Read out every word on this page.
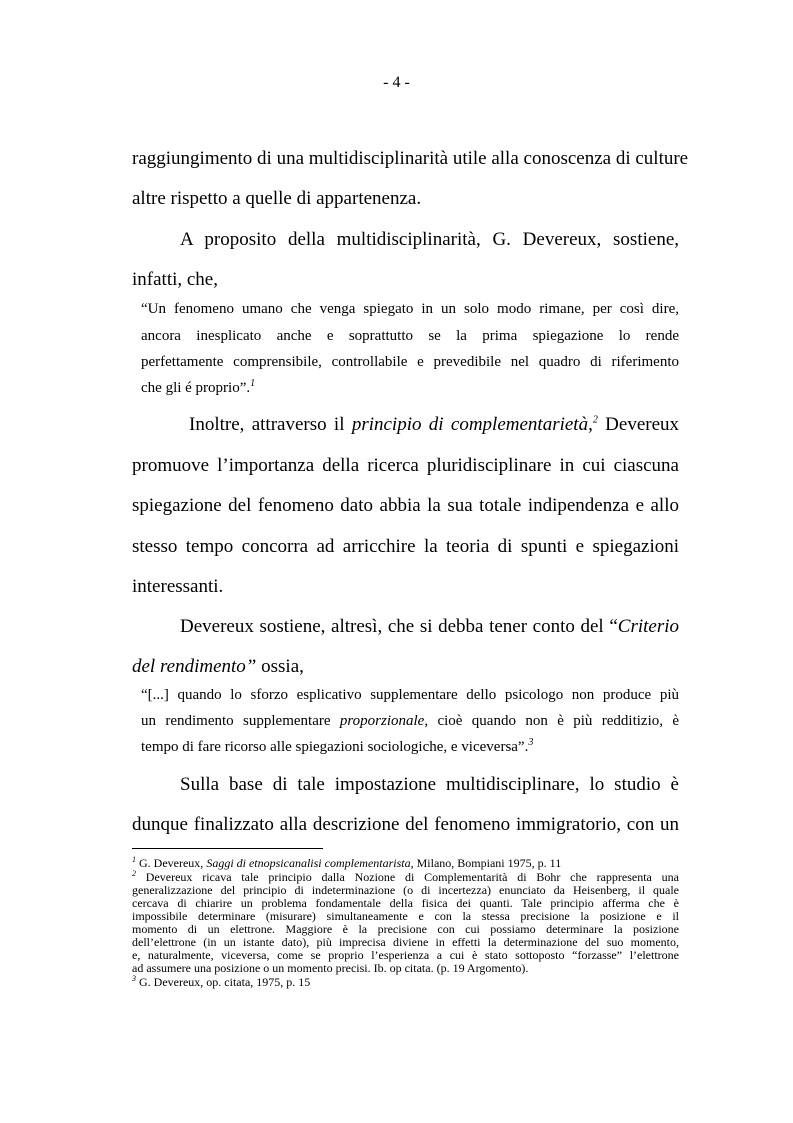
- 4 -
raggiungimento di una multidisciplinarità utile alla conoscenza di culture
altre rispetto a quelle di appartenenza.
A proposito della multidisciplinarità, G. Devereux, sostiene,
infatti, che,
“Un fenomeno umano che venga spiegato in un solo modo rimane, per così dire,
ancora inesplicato anche e soprattutto se la prima spiegazione lo rende
perfettamente comprensibile, controllabile e prevedibile nel quadro di riferimento
che gli é proprio”.$^1$
Inoltre, attraverso il principio di complementarietà,$^2$ Devereux
promuove l’importanza della ricerca pluridisciplinare in cui ciascuna
spiegazione del fenomeno dato abbia la sua totale indipendenza e allo
stesso tempo concorra ad arricchire la teoria di spunti e spiegazioni
interessanti.
Devereux sostiene, altresì, che si debba tener conto del “Criterio
del rendimento” ossia,
“[...] quando lo sforzo esplicativo supplementare dello psicologo non produce più
un rendimento supplementare proporzionale, cioè quando non è più redditizio, è
tempo di fare ricorso alle spiegazioni sociologiche, e viceversa”.$^3$
Sulla base di tale impostazione multidisciplinare, lo studio è
dunque finalizzato alla descrizione del fenomeno immigratorio, con un
$^1$ G. Devereux, Saggi di etnopsicanalisi complementarista, Milano, Bompiani 1975, p. 11
$^2$ Devereux ricava tale principio dalla Nozione di Complementarità di Bohr che rappresenta una
generalizzazione del principio di indeterminazione (o di incertezza) enunciato da Heisenberg, il quale
cercava di chiarire un problema fondamentale della fisica dei quanti. Tale principio afferma che è
impossibile determinare (misurare) simultaneamente e con la stessa precisione la posizione e il
momento di un elettrone. Maggiore è la precisione con cui possiamo determinare la posizione
dell’elettrone (in un istante dato), più imprecisa diviene in effetti la determinazione del suo momento,
e, naturalmente, viceversa, come se proprio l’esperienza a cui è stato sottoposto “forzasse” l’elettrone
ad assumere una posizione o un momento precisi. Ib. op citata. (p. 19 Argomento).
$^3$ G. Devereux, op. citata, 1975, p. 15
